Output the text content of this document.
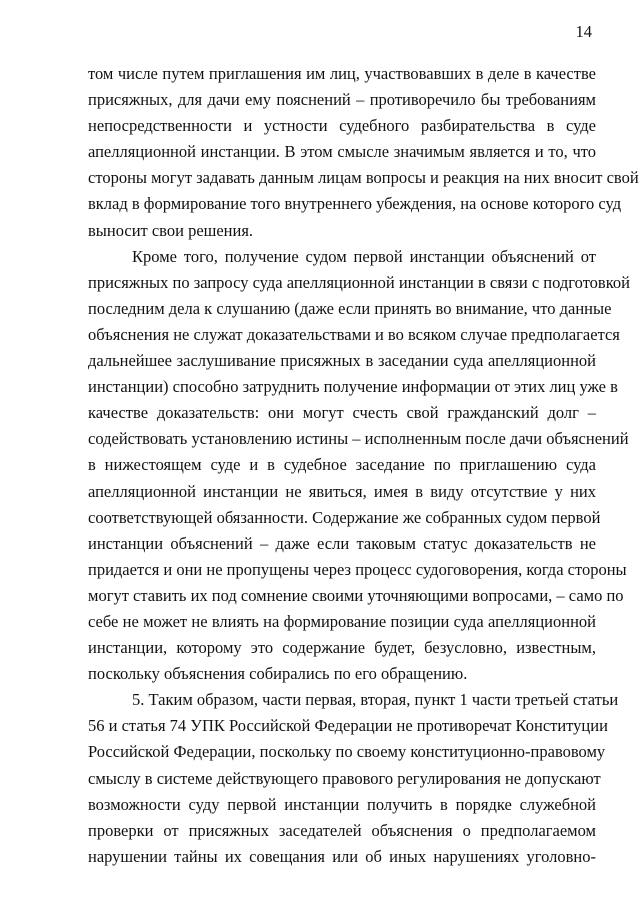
14
том числе путем приглашения им лиц, участвовавших в деле в качестве
присяжных, для дачи ему пояснений – противоречило бы требованиям
непосредственности и устности судебного разбирательства в суде
апелляционной инстанции. В этом смысле значимым является и то, что
стороны могут задавать данным лицам вопросы и реакция на них вносит свой
вклад в формирование того внутреннего убеждения, на основе которого суд
выносит свои решения.
Кроме того, получение судом первой инстанции объяснений от
присяжных по запросу суда апелляционной инстанции в связи с подготовкой
последним дела к слушанию (даже если принять во внимание, что данные
объяснения не служат доказательствами и во всяком случае предполагается
дальнейшее заслушивание присяжных в заседании суда апелляционной
инстанции) способно затруднить получение информации от этих лиц уже в
качестве доказательств: они могут счесть свой гражданский долг –
содействовать установлению истины – исполненным после дачи объяснений
в нижестоящем суде и в судебное заседание по приглашению суда
апелляционной инстанции не явиться, имея в виду отсутствие у них
соответствующей обязанности. Содержание же собранных судом первой
инстанции объяснений – даже если таковым статус доказательств не
придается и они не пропущены через процесс судоговорения, когда стороны
могут ставить их под сомнение своими уточняющими вопросами, – само по
себе не может не влиять на формирование позиции суда апелляционной
инстанции, которому это содержание будет, безусловно, известным,
поскольку объяснения собирались по его обращению.
5. Таким образом, части первая, вторая, пункт 1 части третьей статьи
56 и статья 74 УПК Российской Федерации не противоречат Конституции
Российской Федерации, поскольку по своему конституционно-правовому
смыслу в системе действующего правового регулирования не допускают
возможности суду первой инстанции получить в порядке служебной
проверки от присяжных заседателей объяснения о предполагаемом
нарушении тайны их совещания или об иных нарушениях уголовно-
